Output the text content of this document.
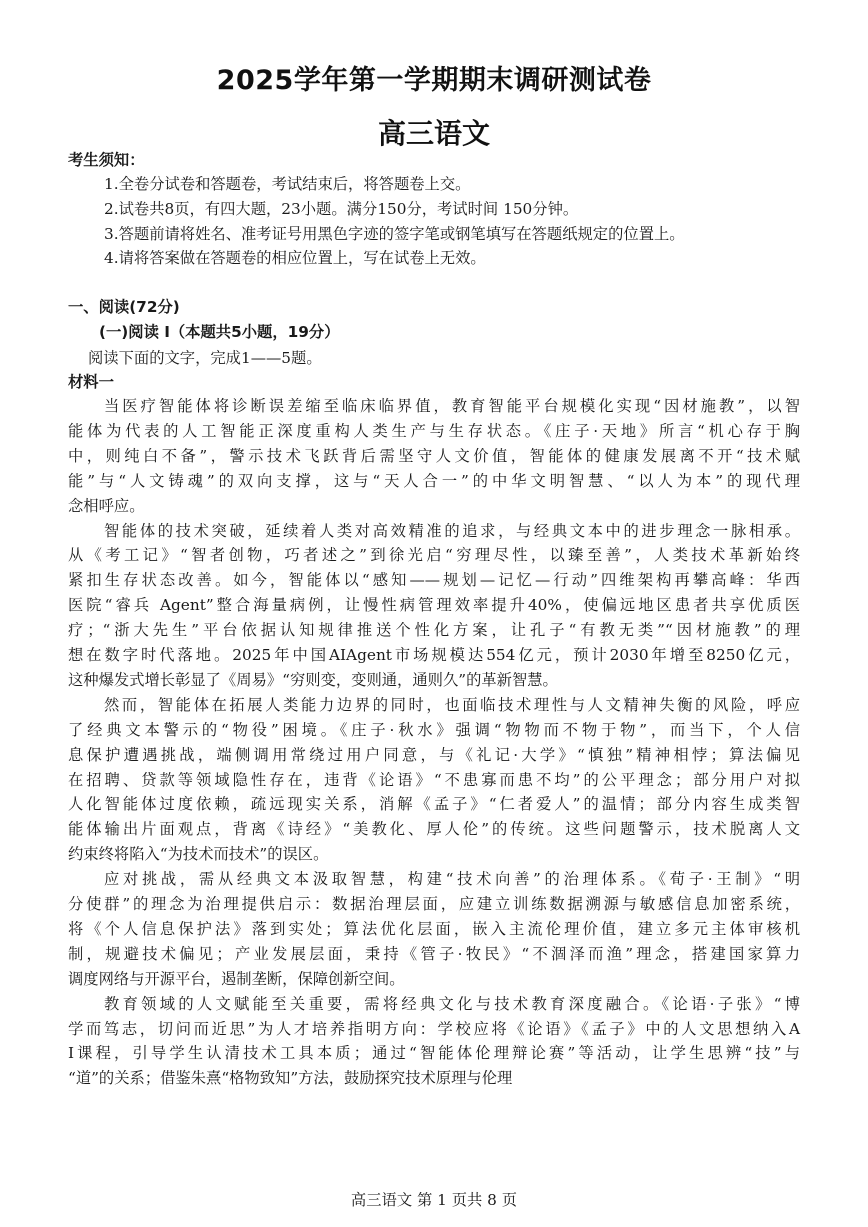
2025学年第一学期期末调研测试卷
高三语文
考生须知：
1.全卷分试卷和答题卷，考试结束后，将答题卷上交。
2.试卷共8页，有四大题，23小题。满分150分，考试时间 150分钟。
3.答题前请将姓名、准考证号用黑色字迹的签字笔或钢笔填写在答题纸规定的位置上。
4.请将答案做在答题卷的相应位置上，写在试卷上无效。
一、阅读(72分)
(一)阅读 I（本题共5小题，19分）
阅读下面的文字，完成1——5题。
材料一
当医疗智能体将诊断误差缩至临床临界值，教育智能平台规模化实现“因材施教”，以智
能体为代表的人工智能正深度重构人类生产与生存状态。《庄子·天地》所言“机心存于胸
中，则纯白不备”，警示技术飞跃背后需坚守人文价值，智能体的健康发展离不开“技术赋
能”与“人文铸魂”的双向支撑，这与“天人合一”的中华文明智慧、“以人为本”的现代理
念相呼应。
智能体的技术突破，延续着人类对高效精准的追求，与经典文本中的进步理念一脉相承。
从《考工记》“智者创物，巧者述之”到徐光启“穷理尽性，以臻至善”，人类技术革新始终
紧扣生存状态改善。如今，智能体以“感知——规划—记忆—行动”四维架构再攀高峰：华西
医院“睿兵 Agent”整合海量病例，让慢性病管理效率提升40%，使偏远地区患者共享优质医
疗；“浙大先生”平台依据认知规律推送个性化方案，让孔子“有教无类”“因材施教”的理
想在数字时代落地。2025年中国AIAgent市场规模达554亿元，预计2030年增至8250亿元，
这种爆发式增长彰显了《周易》“穷则变，变则通，通则久”的革新智慧。
然而，智能体在拓展人类能力边界的同时，也面临技术理性与人文精神失衡的风险，呼应
了经典文本警示的“物役”困境。《庄子·秋水》强调“物物而不物于物”，而当下，个人信
息保护遭遇挑战，端侧调用常绕过用户同意，与《礼记·大学》“慎独”精神相悖；算法偏见
在招聘、贷款等领域隐性存在，违背《论语》“不患寡而患不均”的公平理念；部分用户对拟
人化智能体过度依赖，疏远现实关系，消解《孟子》“仁者爱人”的温情；部分内容生成类智
能体输出片面观点，背离《诗经》“美教化、厚人伦”的传统。这些问题警示，技术脱离人文
约束终将陷入“为技术而技术”的误区。
应对挑战，需从经典文本汲取智慧，构建“技术向善”的治理体系。《荀子·王制》“明
分使群”的理念为治理提供启示：数据治理层面，应建立训练数据溯源与敏感信息加密系统，
将《个人信息保护法》落到实处；算法优化层面，嵌入主流伦理价值，建立多元主体审核机
制，规避技术偏见；产业发展层面，秉持《管子·牧民》“不涸泽而渔”理念，搭建国家算力
调度网络与开源平台，遏制垄断，保障创新空间。
教育领域的人文赋能至关重要，需将经典文化与技术教育深度融合。《论语·子张》“博
学而笃志，切问而近思”为人才培养指明方向：学校应将《论语》《孟子》中的人文思想纳入A
I课程，引导学生认清技术工具本质；通过“智能体伦理辩论赛”等活动，让学生思辨“技”与
“道”的关系；借鉴朱熹“格物致知”方法，鼓励探究技术原理与伦理
高三语文 第 1 页共 8 页
